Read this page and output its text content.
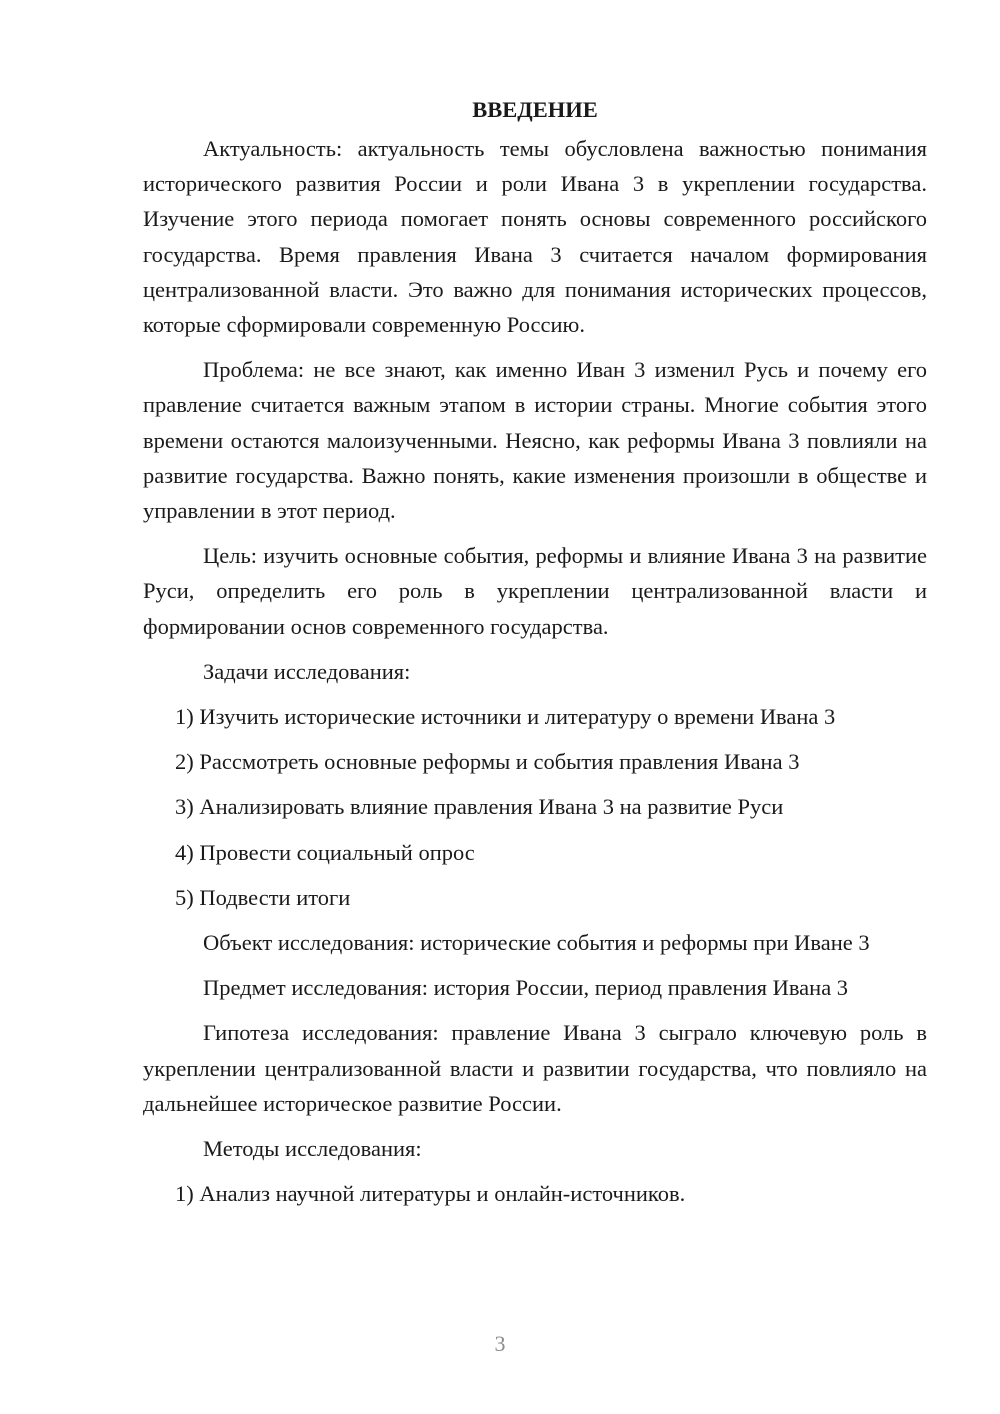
ВВЕДЕНИЕ

Актуальность: актуальность темы обусловлена важностью понимания исторического развития России и роли Ивана 3 в укреплении государства. Изучение этого периода помогает понять основы современного российского государства. Время правления Ивана 3 считается началом формирования централизованной власти. Это важно для понимания исторических процессов, которые сформировали современную Россию.

Проблема: не все знают, как именно Иван 3 изменил Русь и почему его правление считается важным этапом в истории страны. Многие события этого времени остаются малоизученными. Неясно, как реформы Ивана 3 повлияли на развитие государства. Важно понять, какие изменения произошли в обществе и управлении в этот период.

Цель: изучить основные события, реформы и влияние Ивана 3 на развитие Руси, определить его роль в укреплении централизованной власти и формировании основ современного государства.

Задачи исследования:

1) Изучить исторические источники и литературу о времени Ивана 3

2) Рассмотреть основные реформы и события правления Ивана 3

3) Анализировать влияние правления Ивана 3 на развитие Руси

4) Провести социальный опрос

5) Подвести итоги

Объект исследования: исторические события и реформы при Иване 3

Предмет исследования: история России, период правления Ивана 3

Гипотеза исследования: правление Ивана 3 сыграло ключевую роль в укреплении централизованной власти и развитии государства, что повлияло на дальнейшее историческое развитие России.

Методы исследования:

1) Анализ научной литературы и онлайн-источников.

3
